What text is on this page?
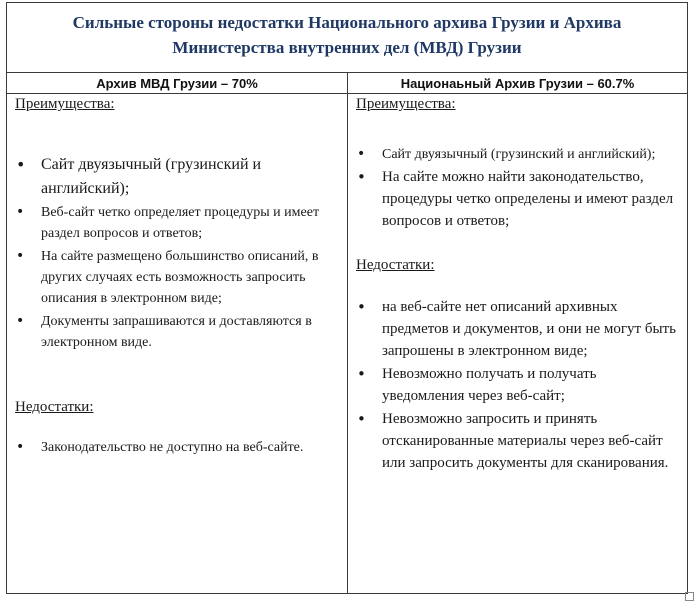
Сильные стороны недостатки Национального архива Грузии и Архива Министерства внутренних дел (МВД) Грузии
Архив МВД Грузии – 70%
Преимущества:
• Сайт двуязычный (грузинский и английский);
• Веб-сайт четко определяет процедуры и имеет раздел вопросов и ответов;
• На сайте размещено большинство описаний, в других случаях есть возможность запросить описания в электронном виде;
• Документы запрашиваются и доставляются в электронном виде.
Недостатки:
• Законодательство не доступно на веб-сайте.
Национаьный Архив Грузии – 60.7%
Преимущества:
• Сайт двуязычный (грузинский и английский);
• На сайте можно найти законодательство, процедуры четко определены и имеют раздел вопросов и ответов;
Недостатки:
• на веб-сайте нет описаний архивных предметов и документов, и они не могут быть запрошены в электронном виде;
• Невозможно получать и получать уведомления через веб-сайт;
• Невозможно запросить и принять отсканированные материалы через веб-сайт или запросить документы для сканирования.
